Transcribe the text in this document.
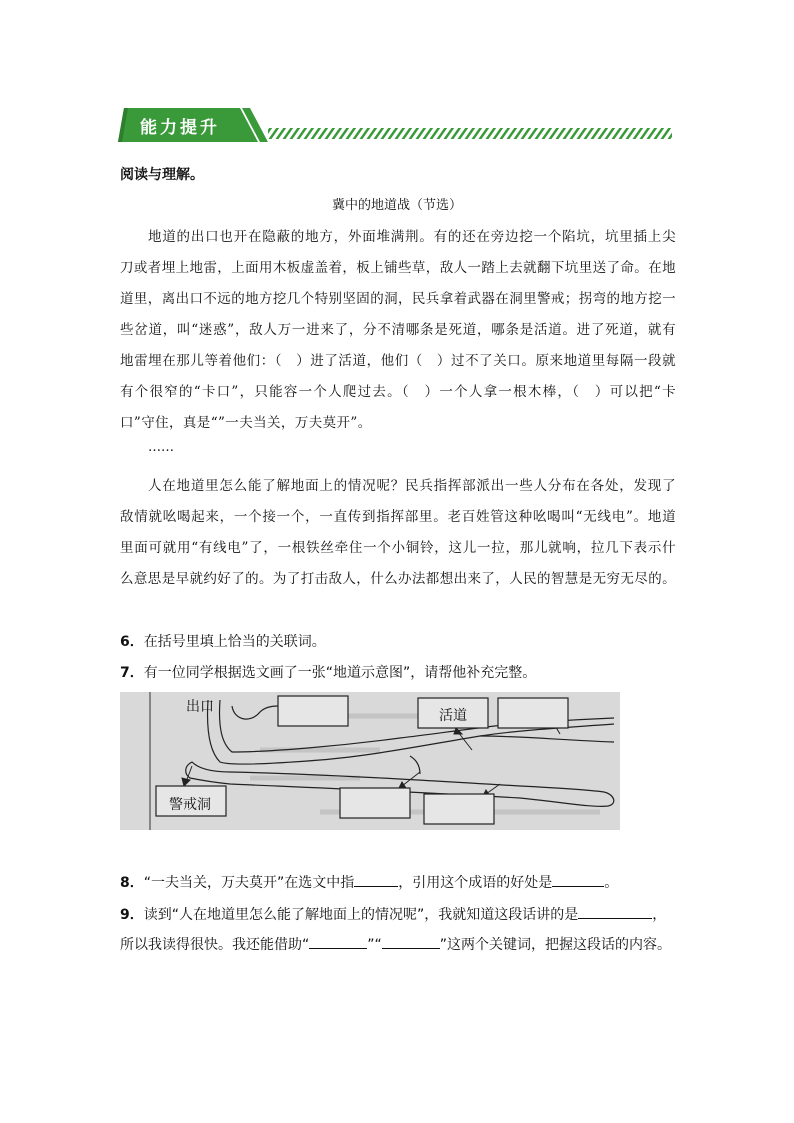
能力提升
阅读与理解。
冀中的地道战（节选）
地道的出口也开在隐蔽的地方，外面堆满荆。有的还在旁边挖一个陷坑，坑里插上尖刀或者埋上地雷，上面用木板虚盖着，板上铺些草，敌人一踏上去就翻下坑里送了命。在地道里，离出口不远的地方挖几个特别坚固的洞，民兵拿着武器在洞里警戒；拐弯的地方挖一些岔道，叫“迷惑”，敌人万一进来了，分不清哪条是死道，哪条是活道。进了死道，就有地雷埋在那儿等着他们：（　）进了活道，他们（　）过不了关口。原来地道里每隔一段就有个很窄的“卡口”，只能容一个人爬过去。（　）一个人拿一根木棒，（　）可以把“卡口”守住，真是“”一夫当关，万夫莫开”。
……
人在地道里怎么能了解地面上的情况呢？民兵指挥部派出一些人分布在各处，发现了敌情就吆喝起来，一个接一个，一直传到指挥部里。老百姓管这种吆喝叫“无线电”。地道里面可就用“有线电”了，一根铁丝牵住一个小铜铃，这儿一拉，那儿就响，拉几下表示什么意思是早就约好了的。为了打击敌人，什么办法都想出来了，人民的智慧是无穷无尽的。
6．在括号里填上恰当的关联词。
7．有一位同学根据选文画了一张“地道示意图”，请帮他补充完整。
出口
活道
警戒洞
8．“一夫当关，万夫莫开”在选文中指	，引用这个成语的好处是	。
9．读到“人在地道里怎么能了解地面上的情况呢”，我就知道这段话讲的是	，所以我读得很快。我还能借助“	”“	”这两个关键词，把握这段话的内容。
